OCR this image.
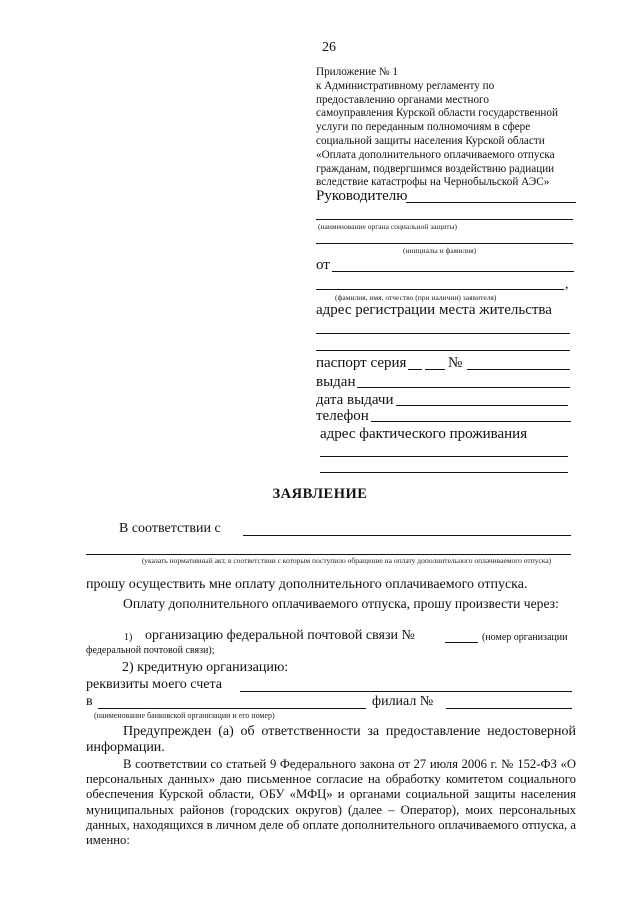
26
Приложение № 1
к Административному регламенту по
предоставлению органами местного
самоуправления Курской области государственной
услуги по переданным полномочиям в сфере
социальной защиты населения Курской области
«Оплата дополнительного оплачиваемого отпуска
гражданам, подвергшимся воздействию радиации
вследствие катастрофы на Чернобыльской АЭС»
Руководителю
(наименование органа социальной защиты)
(инициалы и фамилия)
от
,
(фамилия, имя, отчество (при наличии) заявителя)
адрес регистрации места жительства
паспорт серия	№
выдан
дата выдачи
телефон
адрес фактического проживания
ЗАЯВЛЕНИЕ
В соответствии с
(указать нормативный акт, в соответствии с которым поступило обращение на оплату дополнительного оплачиваемого отпуска)
прошу осуществить мне оплату дополнительного оплачиваемого отпуска.
Оплату дополнительного оплачиваемого отпуска, прошу произвести через:
1) организацию федеральной почтовой связи №	(номер организации
федеральной почтовой связи);
2) кредитную организацию:
реквизиты моего счета
в	филиал №
(наименование банковской организации и его номер)
Предупрежден (а) об ответственности за предоставление недостоверной информации.
В соответствии со статьей 9 Федерального закона от 27 июля 2006 г. № 152-ФЗ «О персональных данных» даю письменное согласие на обработку комитетом социального обеспечения Курской области, ОБУ «МФЦ» и органами социальной защиты населения муниципальных районов (городских округов) (далее – Оператор), моих персональных данных, находящихся в личном деле об оплате дополнительного оплачиваемого отпуска, а именно:
